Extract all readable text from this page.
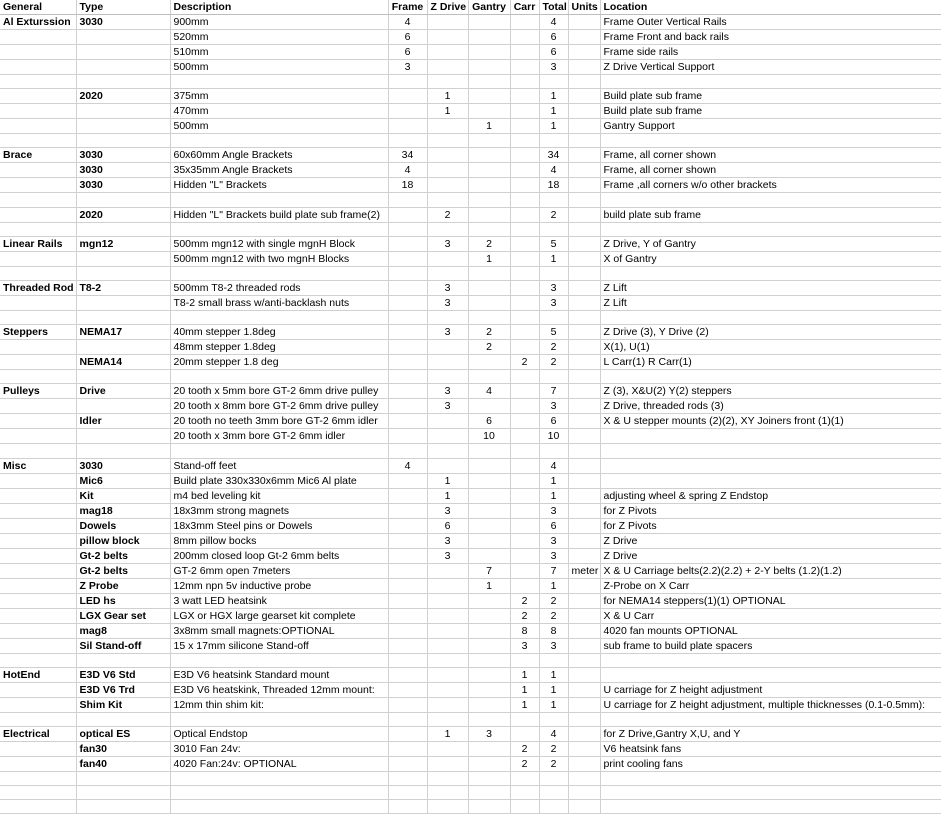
General	Type	Description	Frame	Z Drive	Gantry	Carr	Total	Units	Location
Al Exturssion	3030	900mm	4				4		Frame Outer Vertical Rails
		520mm	6				6		Frame Front and back rails
		510mm	6				6		Frame side rails
		500mm	3				3		Z Drive Vertical Support

	2020	375mm		1			1		Build plate sub frame
		470mm		1			1		Build plate sub frame
		500mm			1		1		Gantry Support

Brace	3030	60x60mm Angle Brackets	34				34		Frame, all corner shown
	3030	35x35mm Angle Brackets	4				4		Frame, all corner shown
	3030	Hidden "L" Brackets	18				18		Frame ,all corners w/o other brackets

	2020	Hidden "L" Brackets build plate sub frame(2)		2			2		build plate sub frame

Linear Rails	mgn12	500mm mgn12 with single mgnH Block		3	2		5		Z Drive, Y of Gantry
		500mm mgn12 with two mgnH Blocks			1		1		X of Gantry

Threaded Rod	T8-2	500mm T8-2 threaded rods		3			3		Z Lift
		T8-2 small brass w/anti-backlash nuts		3			3		Z Lift

Steppers	NEMA17	40mm stepper 1.8deg		3	2		5		Z Drive (3), Y Drive (2)
		48mm stepper 1.8deg			2		2		X(1), U(1)
	NEMA14	20mm stepper 1.8 deg				2	2		L Carr(1) R Carr(1)

Pulleys	Drive	20 tooth x 5mm bore GT-2 6mm drive pulley		3	4		7		Z (3), X&U(2) Y(2) steppers
		20 tooth x 8mm bore GT-2 6mm drive pulley		3			3		Z Drive, threaded rods (3)
	Idler	20 tooth no teeth 3mm bore GT-2 6mm idler			6		6		X & U stepper mounts (2)(2), XY Joiners front (1)(1)
		20 tooth x 3mm bore GT-2 6mm idler			10		10		

Misc	3030	Stand-off feet	4				4		
	Mic6	Build plate 330x330x6mm Mic6 Al plate		1			1		
	Kit	m4 bed leveling kit		1			1		adjusting wheel & spring Z Endstop
	mag18	18x3mm strong magnets		3			3		for Z Pivots
	Dowels	18x3mm Steel pins or Dowels		6			6		for Z Pivots
	pillow block	8mm pillow bocks		3			3		Z Drive
	Gt-2 belts	200mm closed loop Gt-2 6mm belts		3			3		Z Drive
	Gt-2 belts	GT-2 6mm open 7meters			7		7	meter	X & U Carriage belts(2.2)(2.2) + 2-Y belts (1.2)(1.2)
	Z Probe	12mm npn 5v inductive probe			1		1		Z-Probe on X Carr
	LED hs	3 watt LED heatsink				2	2		for NEMA14 steppers(1)(1) OPTIONAL
	LGX Gear set	LGX or HGX large gearset kit complete				2	2		X & U Carr
	mag8	3x8mm small magnets:OPTIONAL				8	8		4020 fan mounts OPTIONAL
	Sil Stand-off	15 x 17mm silicone Stand-off				3	3		sub frame to build plate spacers

HotEnd	E3D V6 Std	E3D V6 heatsink Standard mount				1	1		
	E3D V6 Trd	E3D V6 heatskink, Threaded 12mm mount:				1	1		U carriage for Z height adjustment
	Shim Kit	12mm thin shim kit:				1	1		U carriage for Z height adjustment, multiple thicknesses (0.1-0.5mm):

Electrical	optical ES	Optical Endstop		1	3		4		for Z Drive,Gantry X,U, and Y
	fan30	3010 Fan 24v:				2	2		V6 heatsink fans
	fan40	4020 Fan:24v: OPTIONAL				2	2		print cooling fans
